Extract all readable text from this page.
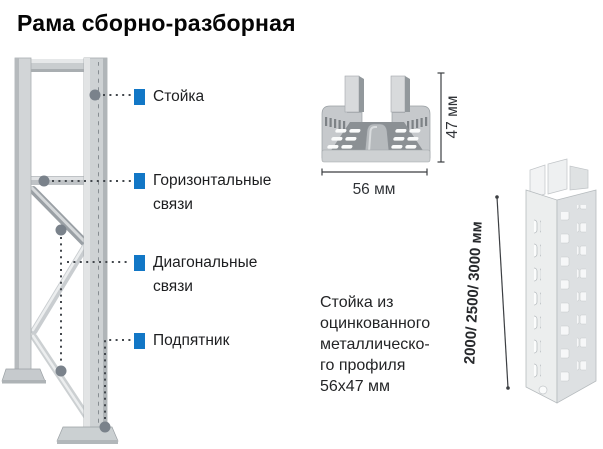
56 мм
47 мм
2000/ 2500/ 3000 мм
Рама сборно-разборная
Стойка
Горизонтальные
связи
Диагональные
связи
Подпятник
Стойка из
оцинкованного
металлическо-
го профиля
56х47 мм
